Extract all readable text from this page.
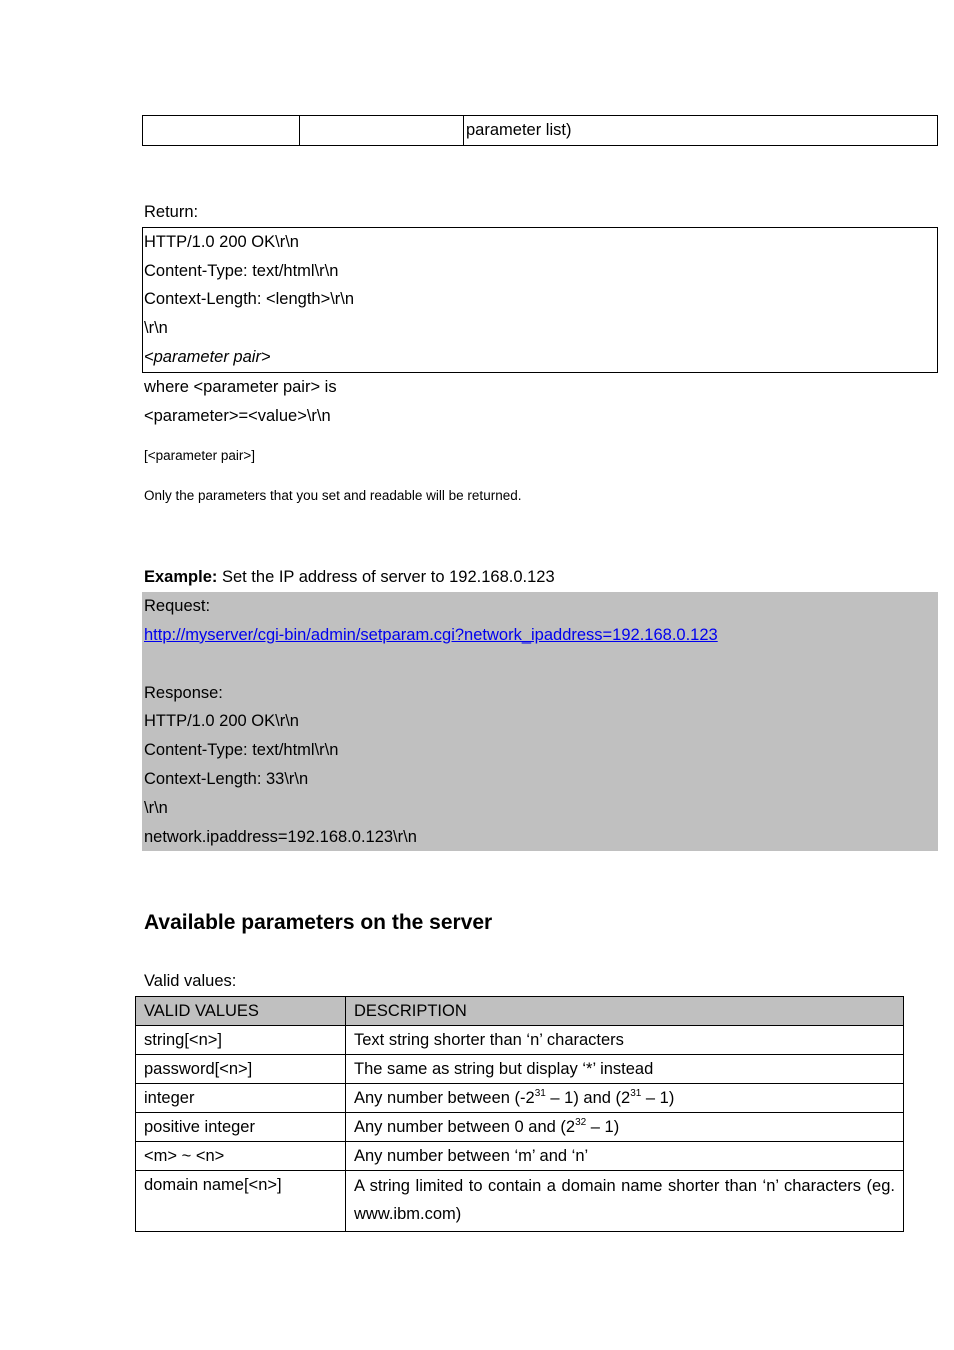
		parameter list)
Return:
HTTP/1.0 200 OK\r\n
Content-Type: text/html\r\n
Context-Length: <length>\r\n
\r\n
<parameter pair>
where <parameter pair> is
<parameter>=<value>\r\n
[<parameter pair>]
Only the parameters that you set and readable will be returned.
Example: Set the IP address of server to 192.168.0.123
Request:
http://myserver/cgi-bin/admin/setparam.cgi?network_ipaddress=192.168.0.123
Response:
HTTP/1.0 200 OK\r\n
Content-Type: text/html\r\n
Context-Length: 33\r\n
\r\n
network.ipaddress=192.168.0.123\r\n
Available parameters on the server
Valid values:
VALID VALUES	DESCRIPTION
string[<n>]	Text string shorter than ‘n’ characters
password[<n>]	The same as string but display ‘*’ instead
integer	Any number between $(-2^{31} - 1)$ and $(2^{31} - 1)$
positive integer	Any number between 0 and $(2^{32} - 1)$
<m> ~ <n>	Any number between ‘m’ and ‘n’
domain name[<n>]	A string limited to contain a domain name shorter than ‘n’ characters (eg. www.ibm.com)
